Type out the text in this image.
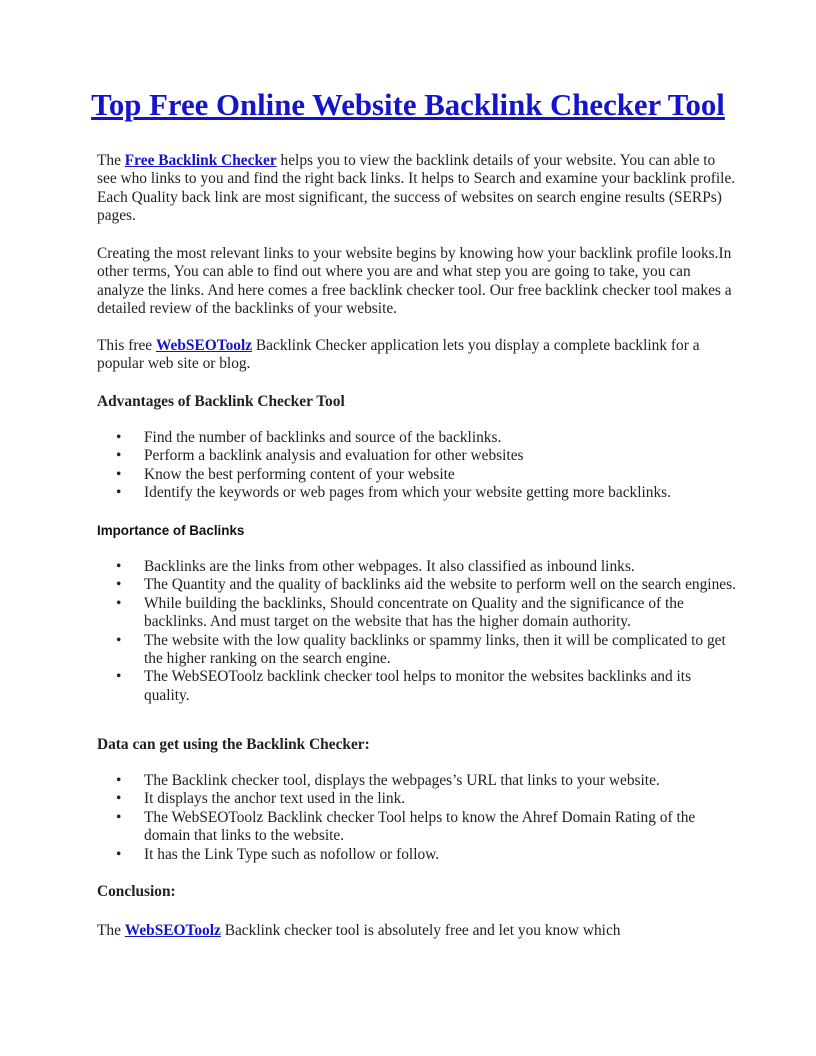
Top Free Online Website Backlink Checker Tool

The Free Backlink Checker helps you to view the backlink details of your website. You can able to see who links to you and find the right back links. It helps to Search and examine your backlink profile. Each Quality back link are most significant, the success of websites on search engine results (SERPs) pages.

Creating the most relevant links to your website begins by knowing how your backlink profile looks.In other terms, You can able to find out where you are and what step you are going to take, you can analyze the links. And here comes a free backlink checker tool. Our free backlink checker tool makes a detailed review of the backlinks of your website.

This free WebSEOToolz Backlink Checker application lets you display a complete backlink for a popular web site or blog.

Advantages of Backlink Checker Tool
• Find the number of backlinks and source of the backlinks.
• Perform a backlink analysis and evaluation for other websites
• Know the best performing content of your website
• Identify the keywords or web pages from which your website getting more backlinks.
Importance of Baclinks
• Backlinks are the links from other webpages. It also classified as inbound links.
• The Quantity and the quality of backlinks aid the website to perform well on the search engines.
• While building the backlinks, Should concentrate on Quality and the significance of the backlinks. And must target on the website that has the higher domain authority.
• The website with the low quality backlinks or spammy links, then it will be complicated to get the higher ranking on the search engine.
• The WebSEOToolz backlink checker tool helps to monitor the websites backlinks and its quality.
Data can get using the Backlink Checker:
• The Backlink checker tool, displays the webpages’s URL that links to your website.
• It displays the anchor text used in the link.
• The WebSEOToolz Backlink checker Tool helps to know the Ahref Domain Rating of the domain that links to the website.
• It has the Link Type such as nofollow or follow.
Conclusion:

The WebSEOToolz Backlink checker tool is absolutely free and let you know which
